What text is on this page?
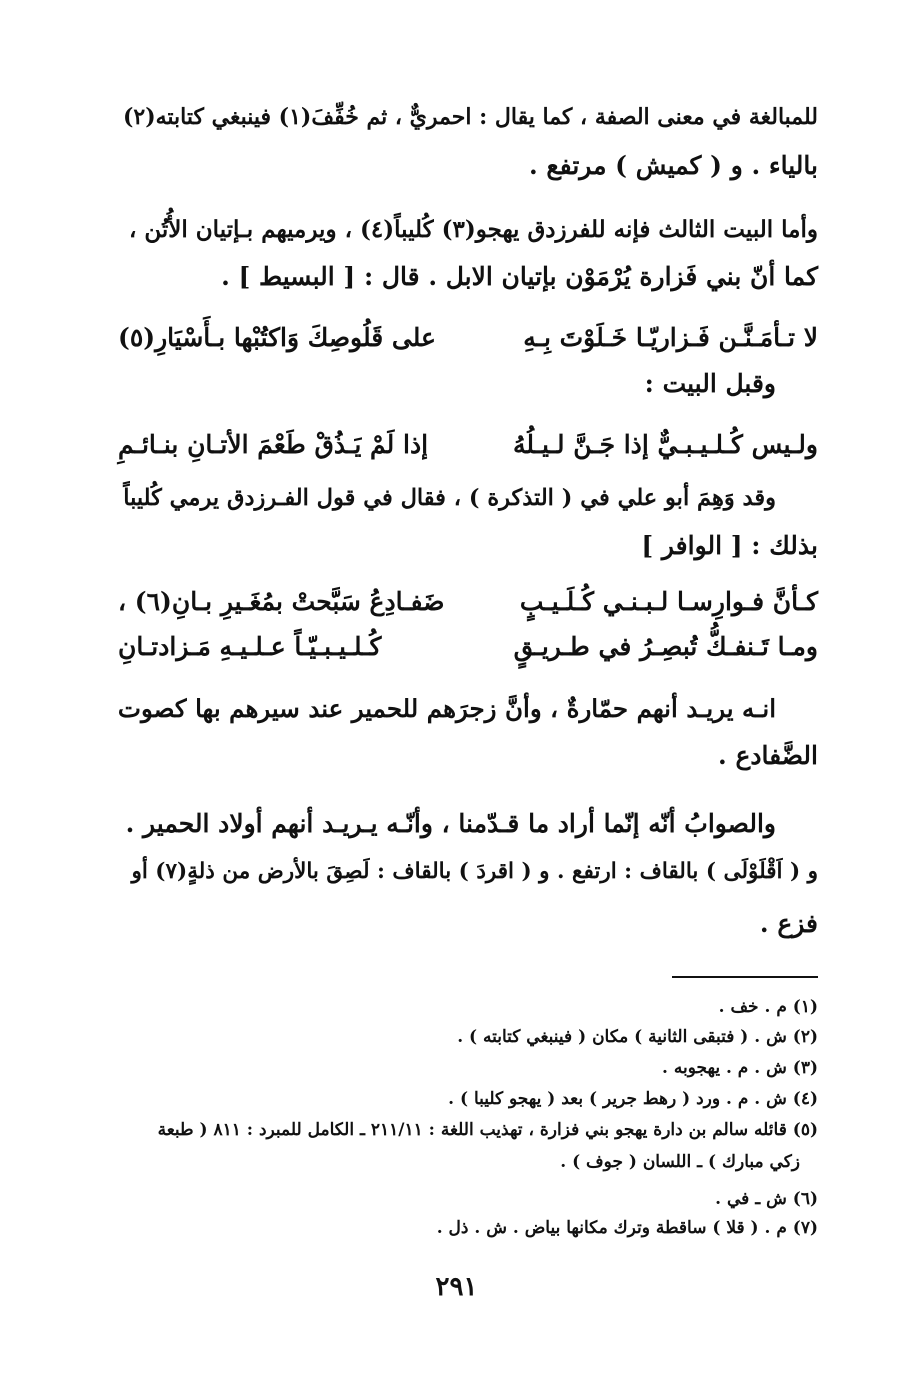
للمبالغة في معنى الصفة ، كما يقال : احمريٌّ ، ثم خُفِّفَ(١) فينبغي كتابته(٢)
بالياء . و ( كميش ) مرتفع .
وأما البيت الثالث فإنه للفرزدق يهجو(٣) كُليباً(٤) ، ويرميهم بـإتيان الأُتُن ،
كما أنّ بني فَزارة يُرْمَوْن بإتيان الابل . قال : [ البسيط ] .
لا تـأمَـنَّـن فَـزاريّـا خَـلَوْتَ بِـهِ
على قَلُوصِكَ وَاكتُبْها بـأَسْيَارِ(٥)
وقبل البيت :
ولـيس كُـلـيـبـيٌّ إذا جَـنَّ لـيـلُهُ
إذا لَمْ يَـذُقْ طَعْمَ الأتـانِ بنـائـمِ
وقد وَهِمَ أبو علي في ( التذكرة ) ، فقال في قول الفـرزدق يرمي كُليباً
بذلك : [ الوافر ]
كـأنَّ فـوارِسـا لـبـنـي كُـلَـيـبٍ
ضَفـادِعُ سَبَّحتْ بمُغَـيرِ بـانِ(٦) ،
ومـا تَـنفـكُّ تُبصِـرُ في طـريـقٍ
كُـلـيـبـيّـاً عـلـيـهِ مَـزادتـانِ
انـه يريـد أنهم حمّارةٌ ، وأنَّ زجرَهم للحمير عند سيرهم بها كصوت
الضَّفادع .
والصوابُ أنّه إنّما أراد ما قـدّمنا ، وأنّـه يـريـد أنهم أولاد الحمير .
و ( اَقْلَوْلَى ) بالقاف : ارتفع . و ( اقردَ ) بالقاف : لَصِقَ بالأرض من ذلةٍ(٧) أو
فزع .
(١) م . خف .
(٢) ش . ( فتبقى الثانية ) مكان ( فينبغي كتابته ) .
(٣) ش . م . يهجوبه .
(٤) ش . م . ورد ( رهط جرير ) بعد ( يهجو كليبا ) .
(٥) قائله سالم بن دارة يهجو بني فزارة ، تهذيب اللغة : ٢١١/١١ ـ الكامل للمبرد : ٨١١ ( طبعة
زكي مبارك ) ـ اللسان ( جوف ) .
(٦) ش ـ في .
(٧) م . ( قلا ) ساقطة وترك مكانها بياض . ش . ذل .
٢٩١
